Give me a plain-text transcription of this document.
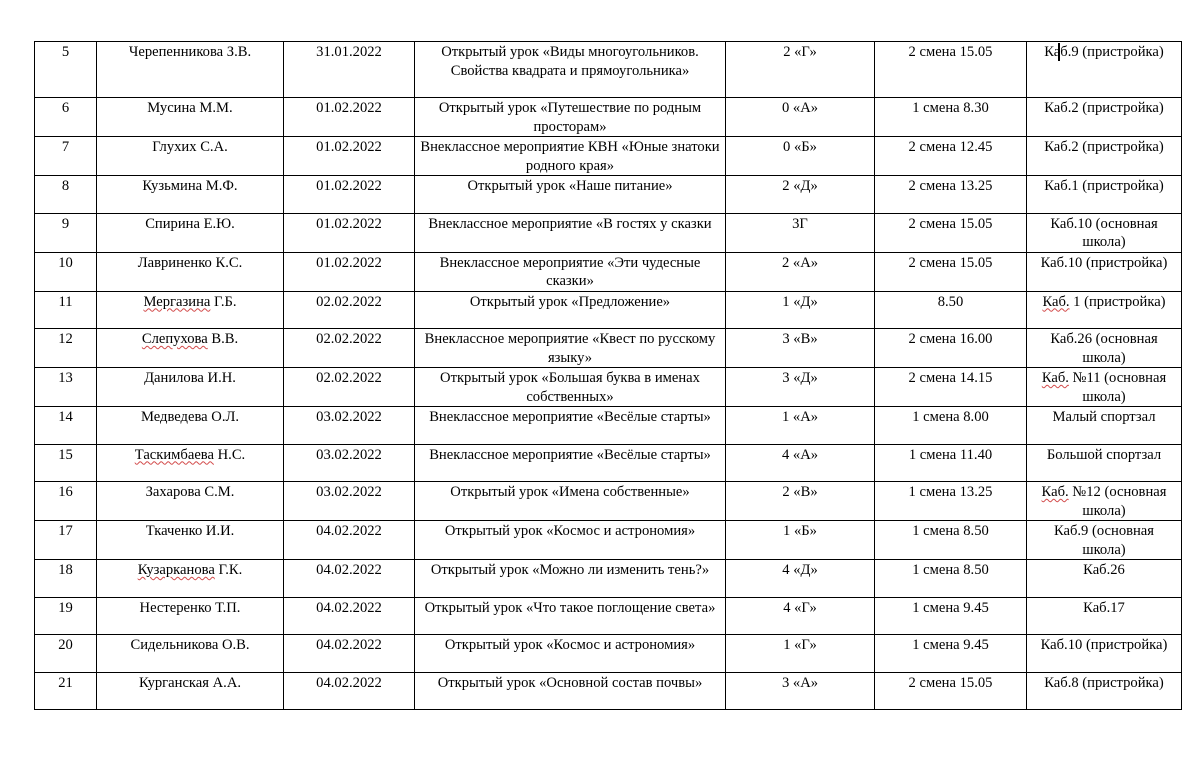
5	Черепенникова З.В.	31.01.2022	Открытый урок «Виды многоугольников. Свойства квадрата и прямоугольника»	2 «Г»	2 смена 15.05	Каб.9 (пристройка)
6	Мусина М.М.	01.02.2022	Открытый урок «Путешествие по родным просторам»	0 «А»	1 смена 8.30	Каб.2 (пристройка)
7	Глухих С.А.	01.02.2022	Внеклассное мероприятие КВН «Юные знатоки родного края»	0 «Б»	2 смена 12.45	Каб.2 (пристройка)
8	Кузьмина М.Ф.	01.02.2022	Открытый урок «Наше питание»	2 «Д»	2 смена 13.25	Каб.1 (пристройка)
9	Спирина Е.Ю.	01.02.2022	Внеклассное мероприятие «В гостях у сказки	3Г	2 смена 15.05	Каб.10 (основная школа)
10	Лавриненко К.С.	01.02.2022	Внеклассное мероприятие «Эти чудесные сказки»	2 «А»	2 смена 15.05	Каб.10 (пристройка)
11	Мергазина Г.Б.	02.02.2022	Открытый урок «Предложение»	1 «Д»	8.50	Каб. 1 (пристройка)
12	Слепухова В.В.	02.02.2022	Внеклассное мероприятие «Квест по русскому языку»	3 «В»	2 смена 16.00	Каб.26 (основная школа)
13	Данилова И.Н.	02.02.2022	Открытый урок «Большая буква в именах собственных»	3 «Д»	2 смена 14.15	Каб. №11 (основная школа)
14	Медведева О.Л.	03.02.2022	Внеклассное мероприятие «Весёлые старты»	1 «А»	1 смена 8.00	Малый спортзал
15	Таскимбаева Н.С.	03.02.2022	Внеклассное мероприятие «Весёлые старты»	4 «А»	1 смена 11.40	Большой спортзал
16	Захарова С.М.	03.02.2022	Открытый урок «Имена собственные»	2 «В»	1 смена 13.25	Каб. №12 (основная школа)
17	Ткаченко И.И.	04.02.2022	Открытый урок «Космос и астрономия»	1 «Б»	1 смена 8.50	Каб.9 (основная школа)
18	Кузарканова Г.К.	04.02.2022	Открытый урок «Можно ли изменить тень?»	4 «Д»	1 смена 8.50	Каб.26
19	Нестеренко Т.П.	04.02.2022	Открытый урок «Что такое поглощение света»	4 «Г»	1 смена 9.45	Каб.17
20	Сидельникова О.В.	04.02.2022	Открытый урок «Космос и астрономия»	1 «Г»	1 смена 9.45	Каб.10 (пристройка)
21	Курганская А.А.	04.02.2022	Открытый урок «Основной состав почвы»	3 «А»	2 смена 15.05	Каб.8 (пристройка)
